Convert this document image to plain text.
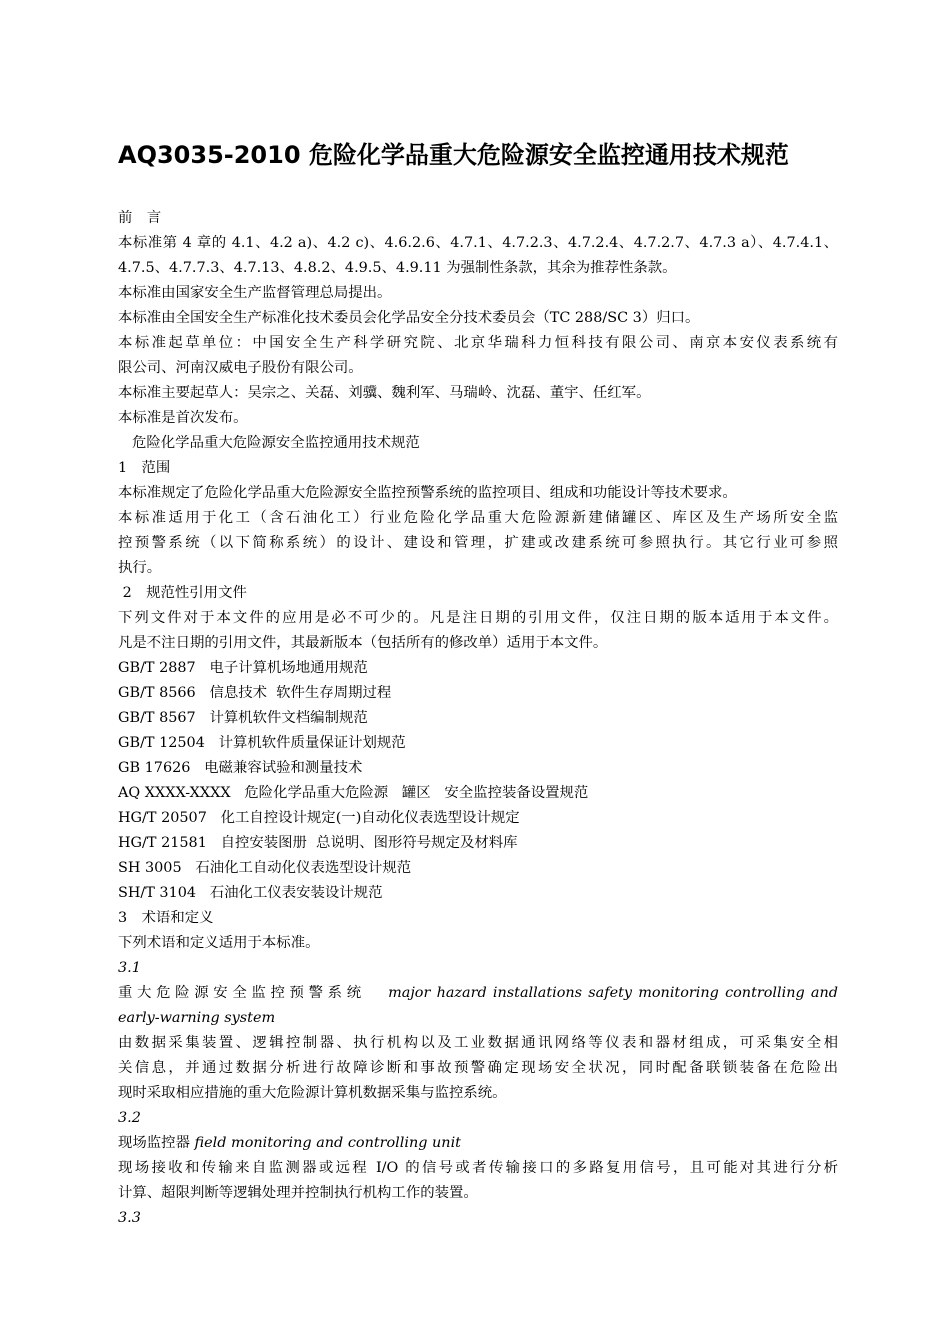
AQ3035-2010 危险化学品重大危险源安全监控通用技术规范

前　言

本标准第 4 章的 4.1、4.2 a)、4.2 c)、4.6.2.6、4.7.1、4.7.2.3、4.7.2.4、4.7.2.7、4.7.3 a）、4.7.4.1、
4.7.5、4.7.7.3、4.7.13、4.8.2、4.9.5、4.9.11 为强制性条款，其余为推荐性条款。

本标准由国家安全生产监督管理总局提出。

本标准由全国安全生产标准化技术委员会化学品安全分技术委员会（TC 288/SC 3）归口。

本标准起草单位：中国安全生产科学研究院、北京华瑞科力恒科技有限公司、南京本安仪表系统有
限公司、河南汉威电子股份有限公司。

本标准主要起草人：吴宗之、关磊、刘骥、魏利军、马瑞岭、沈磊、董宇、任红军。

本标准是首次发布。

危险化学品重大危险源安全监控通用技术规范

1　范围

本标准规定了危险化学品重大危险源安全监控预警系统的监控项目、组成和功能设计等技术要求。

本标准适用于化工（含石油化工）行业危险化学品重大危险源新建储罐区、库区及生产场所安全监
控预警系统（以下简称系统）的设计、建设和管理，扩建或改建系统可参照执行。其它行业可参照
执行。

2　规范性引用文件

下列文件对于本文件的应用是必不可少的。凡是注日期的引用文件，仅注日期的版本适用于本文件。
凡是不注日期的引用文件，其最新版本（包括所有的修改单）适用于本文件。

GB/T 2887   电子计算机场地通用规范

GB/T 8566   信息技术  软件生存周期过程

GB/T 8567   计算机软件文档编制规范

GB/T 12504   计算机软件质量保证计划规范

GB 17626   电磁兼容试验和测量技术

AQ XXXX-XXXX   危险化学品重大危险源   罐区   安全监控装备设置规范

HG/T 20507   化工自控设计规定(一)自动化仪表选型设计规定

HG/T 21581   自控安装图册  总说明、图形符号规定及材料库

SH 3005   石油化工自动化仪表选型设计规范

SH/T 3104   石油化工仪表安装设计规范

3　术语和定义

下列术语和定义适用于本标准。

3.1

重大危险源安全监控预警系统　 major hazard installations safety monitoring controlling and
early-warning system
由数据采集装置、逻辑控制器、执行机构以及工业数据通讯网络等仪表和器材组成，可采集安全相
关信息，并通过数据分析进行故障诊断和事故预警确定现场安全状况，同时配备联锁装备在危险出
现时采取相应措施的重大危险源计算机数据采集与监控系统。

3.2

现场监控器 field monitoring and controlling unit

现场接收和传输来自监测器或远程 I/O 的信号或者传输接口的多路复用信号，且可能对其进行分析
计算、超限判断等逻辑处理并控制执行机构工作的装置。

3.3
